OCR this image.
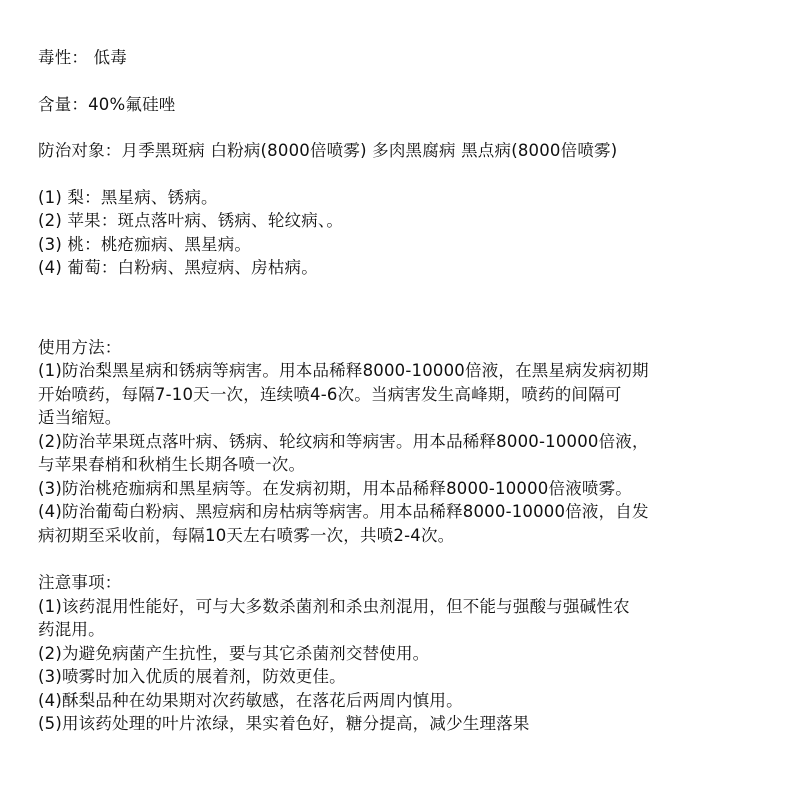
毒性： 低毒
含量：40%氟硅唑
防治对象：月季黑斑病 白粉病(8000倍喷雾) 多肉黑腐病 黑点病(8000倍喷雾)
(1) 梨：黑星病、锈病。
(2) 苹果：斑点落叶病、锈病、轮纹病、。
(3) 桃：桃疮痂病、黑星病。
(4) 葡萄：白粉病、黑痘病、房枯病。
使用方法：
(1)防治梨黑星病和锈病等病害。用本品稀释8000-10000倍液，在黑星病发病初期
开始喷药，每隔7-10天一次，连续喷4-6次。当病害发生高峰期，喷药的间隔可
适当缩短。
(2)防治苹果斑点落叶病、锈病、轮纹病和等病害。用本品稀释8000-10000倍液，
与苹果春梢和秋梢生长期各喷一次。
(3)防治桃疮痂病和黑星病等。在发病初期，用本品稀释8000-10000倍液喷雾。
(4)防治葡萄白粉病、黑痘病和房枯病等病害。用本品稀释8000-10000倍液，自发
病初期至采收前，每隔10天左右喷雾一次，共喷2-4次。
注意事项：
(1)该药混用性能好，可与大多数杀菌剂和杀虫剂混用，但不能与强酸与强碱性农
药混用。
(2)为避免病菌产生抗性，要与其它杀菌剂交替使用。
(3)喷雾时加入优质的展着剂，防效更佳。
(4)酥梨品种在幼果期对次药敏感，在落花后两周内慎用。
(5)用该药处理的叶片浓绿，果实着色好，糖分提高，减少生理落果
